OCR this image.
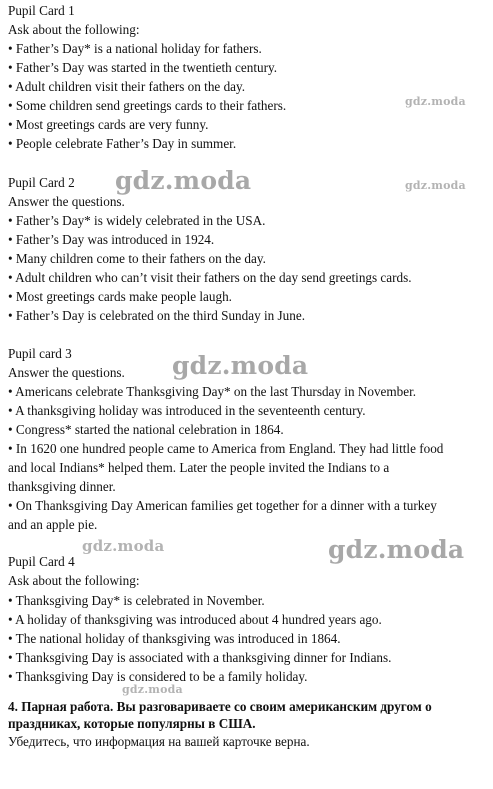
Pupil Card 1
Ask about the following:
• Father’s Day* is a national holiday for fathers.
• Father’s Day was started in the twentieth century.
• Adult children visit their fathers on the day.
• Some children send greetings cards to their fathers.
• Most greetings cards are very funny.
• People celebrate Father’s Day in summer.
Pupil Card 2
Answer the questions.
• Father’s Day* is widely celebrated in the USA.
• Father’s Day was introduced in 1924.
• Many children come to their fathers on the day.
• Adult children who can’t visit their fathers on the day send greetings cards.
• Most greetings cards make people laugh.
• Father’s Day is celebrated on the third Sunday in June.
Pupil card 3
Answer the questions.
• Americans celebrate Thanksgiving Day* on the last Thursday in November.
• A thanksgiving holiday was introduced in the seventeenth century.
• Congress* started the national celebration in 1864.
• In 1620 one hundred people came to America from England. They had little food
and local Indians* helped them. Later the people invited the Indians to a
thanksgiving dinner.
• On Thanksgiving Day American families get together for a dinner with a turkey
and an apple pie.
Pupil Card 4
Ask about the following:
• Thanksgiving Day* is celebrated in November.
• A holiday of thanksgiving was introduced about 4 hundred years ago.
• The national holiday of thanksgiving was introduced in 1864.
• Thanksgiving Day is associated with a thanksgiving dinner for Indians.
• Thanksgiving Day is considered to be a family holiday.
4. Парная работа. Вы разговариваете со своим американским другом о
праздниках, которые популярны в США.
Убедитесь, что информация на вашей карточке верна.
gdz.moda
gdz.moda	gdz.moda
gdz.moda
gdz.moda	gdz.moda
gdz.moda
